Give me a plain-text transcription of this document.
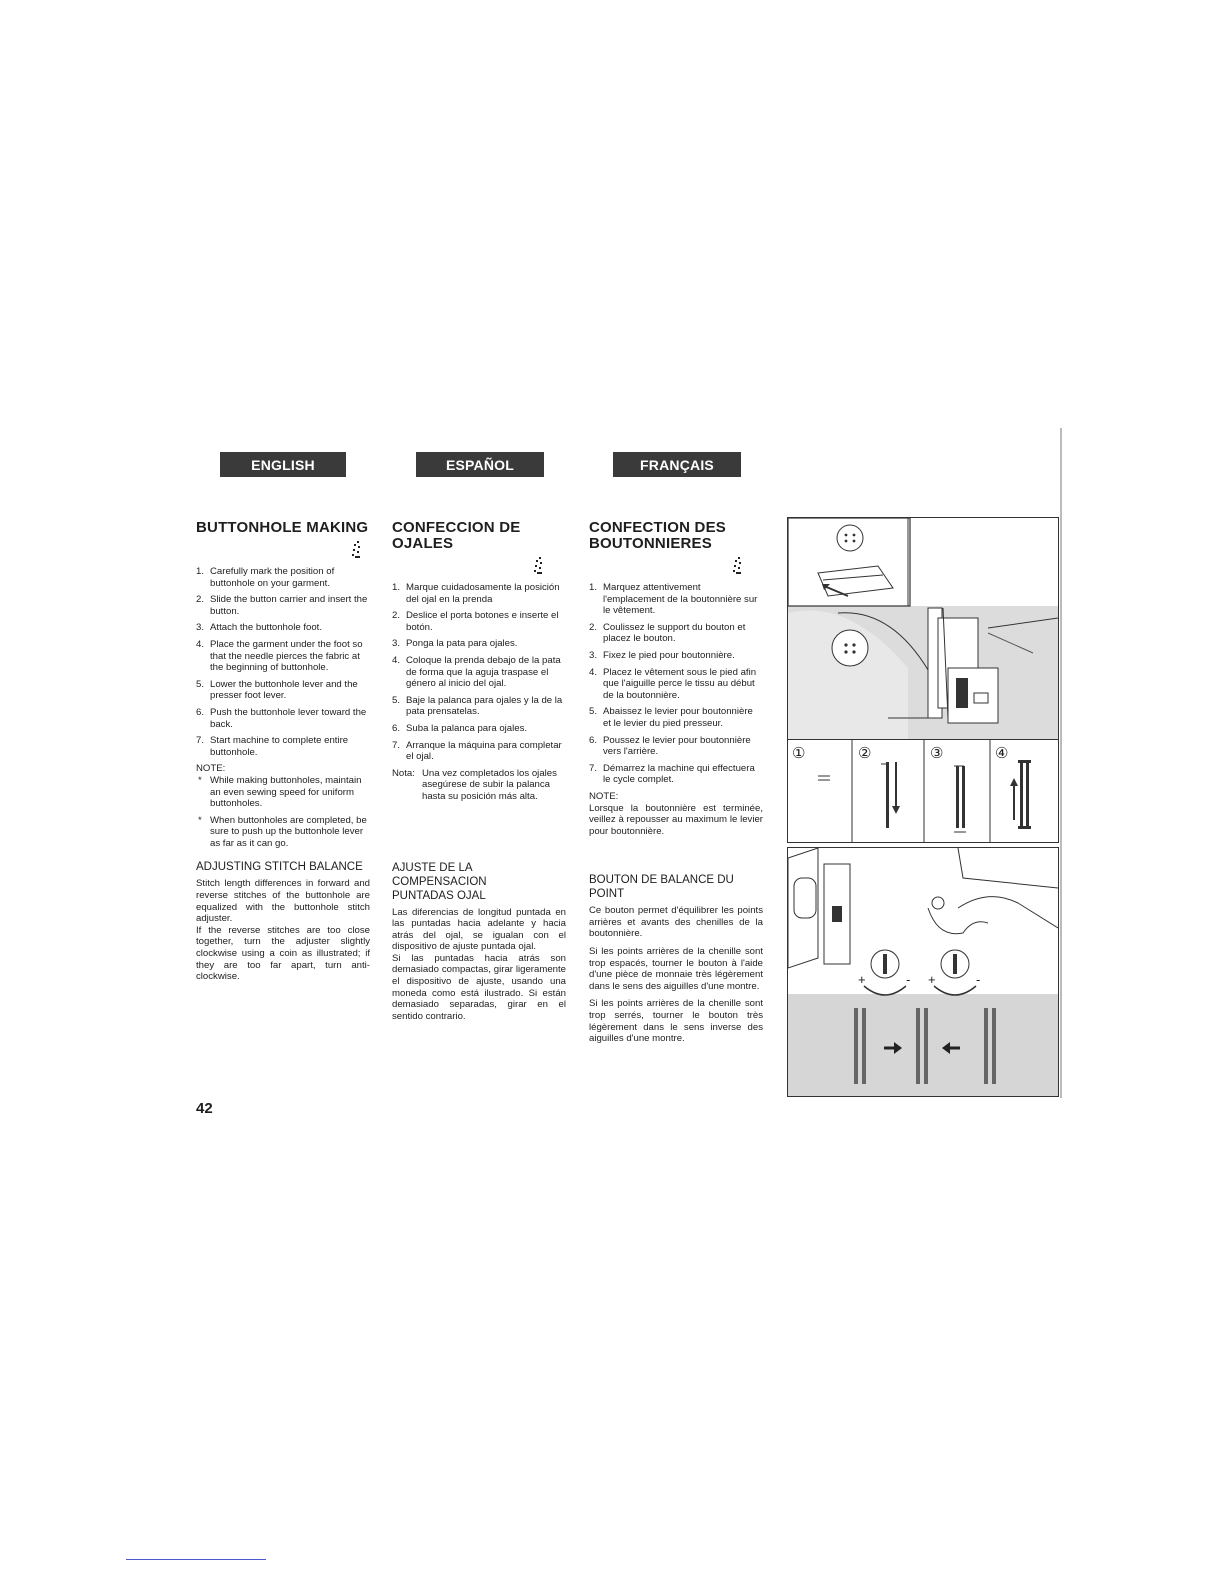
ENGLISH	ESPAÑOL	FRANÇAIS
BUTTONHOLE MAKING
1. Carefully mark the position of buttonhole on your garment.
2. Slide the button carrier and insert the button.
3. Attach the buttonhole foot.
4. Place the garment under the foot so that the needle pierces the fabric at the beginning of buttonhole.
5. Lower the buttonhole lever and the presser foot lever.
6. Push the buttonhole lever toward the back.
7. Start machine to complete entire buttonhole.
NOTE:
* While making buttonholes, maintain an even sewing speed for uniform buttonholes.
* When buttonholes are completed, be sure to push up the buttonhole lever as far as it can go.
ADJUSTING STITCH BALANCE

Stitch length differences in forward and reverse stitches of the buttonhole are equalized with the buttonhole stitch adjuster.

If the reverse stitches are too close together, turn the adjuster slightly clockwise using a coin as illustrated; if they are too far apart, turn anti-clockwise.

CONFECCION DE OJALES
1. Marque cuidadosamente la posición del ojal en la prenda
2. Deslice el porta botones e inserte el botón.
3. Ponga la pata para ojales.
4. Coloque la prenda debajo de la pata de forma que la aguja traspase el género al inicio del ojal.
5. Baje la palanca para ojales y la de la pata prensatelas.
6. Suba la palanca para ojales.
7. Arranque la máquina para completar el ojal.
Nota: Una vez completados los ojales asegúrese de subir la palanca hasta su posición más alta.
AJUSTE DE LA COMPENSACION PUNTADAS OJAL

Las diferencias de longitud puntada en las puntadas hacia adelante y hacia atrás del ojal, se igualan con el dispositivo de ajuste puntada ojal.

Si las puntadas hacia atrás son demasiado compactas, girar ligeramente el dispositivo de ajuste, usando una moneda como está ilustrado. Si están demasiado separadas, girar en el sentido contrario.

CONFECTION DES BOUTONNIERES
1. Marquez attentivement l'emplacement de la boutonnière sur le vêtement.
2. Coulissez le support du bouton et placez le bouton.
3. Fixez le pied pour boutonnière.
4. Placez le vêtement sous le pied afin que l'aiguille perce le tissu au début de la boutonnière.
5. Abaissez le levier pour boutonnière et le levier du pied presseur.
6. Poussez le levier pour boutonnière vers l'arrière.
7. Démarrez la machine qui effectuera le cycle complet.
NOTE:

Lorsque la boutonnière est terminée, veillez à repousser au maximum le levier pour boutonnière.

BOUTON DE BALANCE DU POINT

Ce bouton permet d'équilibrer les points arrières et avants des chenilles de la boutonnière.

Si les points arrières de la chenille sont trop espacés, tourner le bouton à l'aide d'une pièce de monnaie très légèrement dans le sens des aiguilles d'une montre.

Si les points arrières de la chenille sont trop serrés, tourner le bouton très légèrement dans le sens inverse des aiguilles d'une montre.

①	②	③	④
+	- +	-
42
